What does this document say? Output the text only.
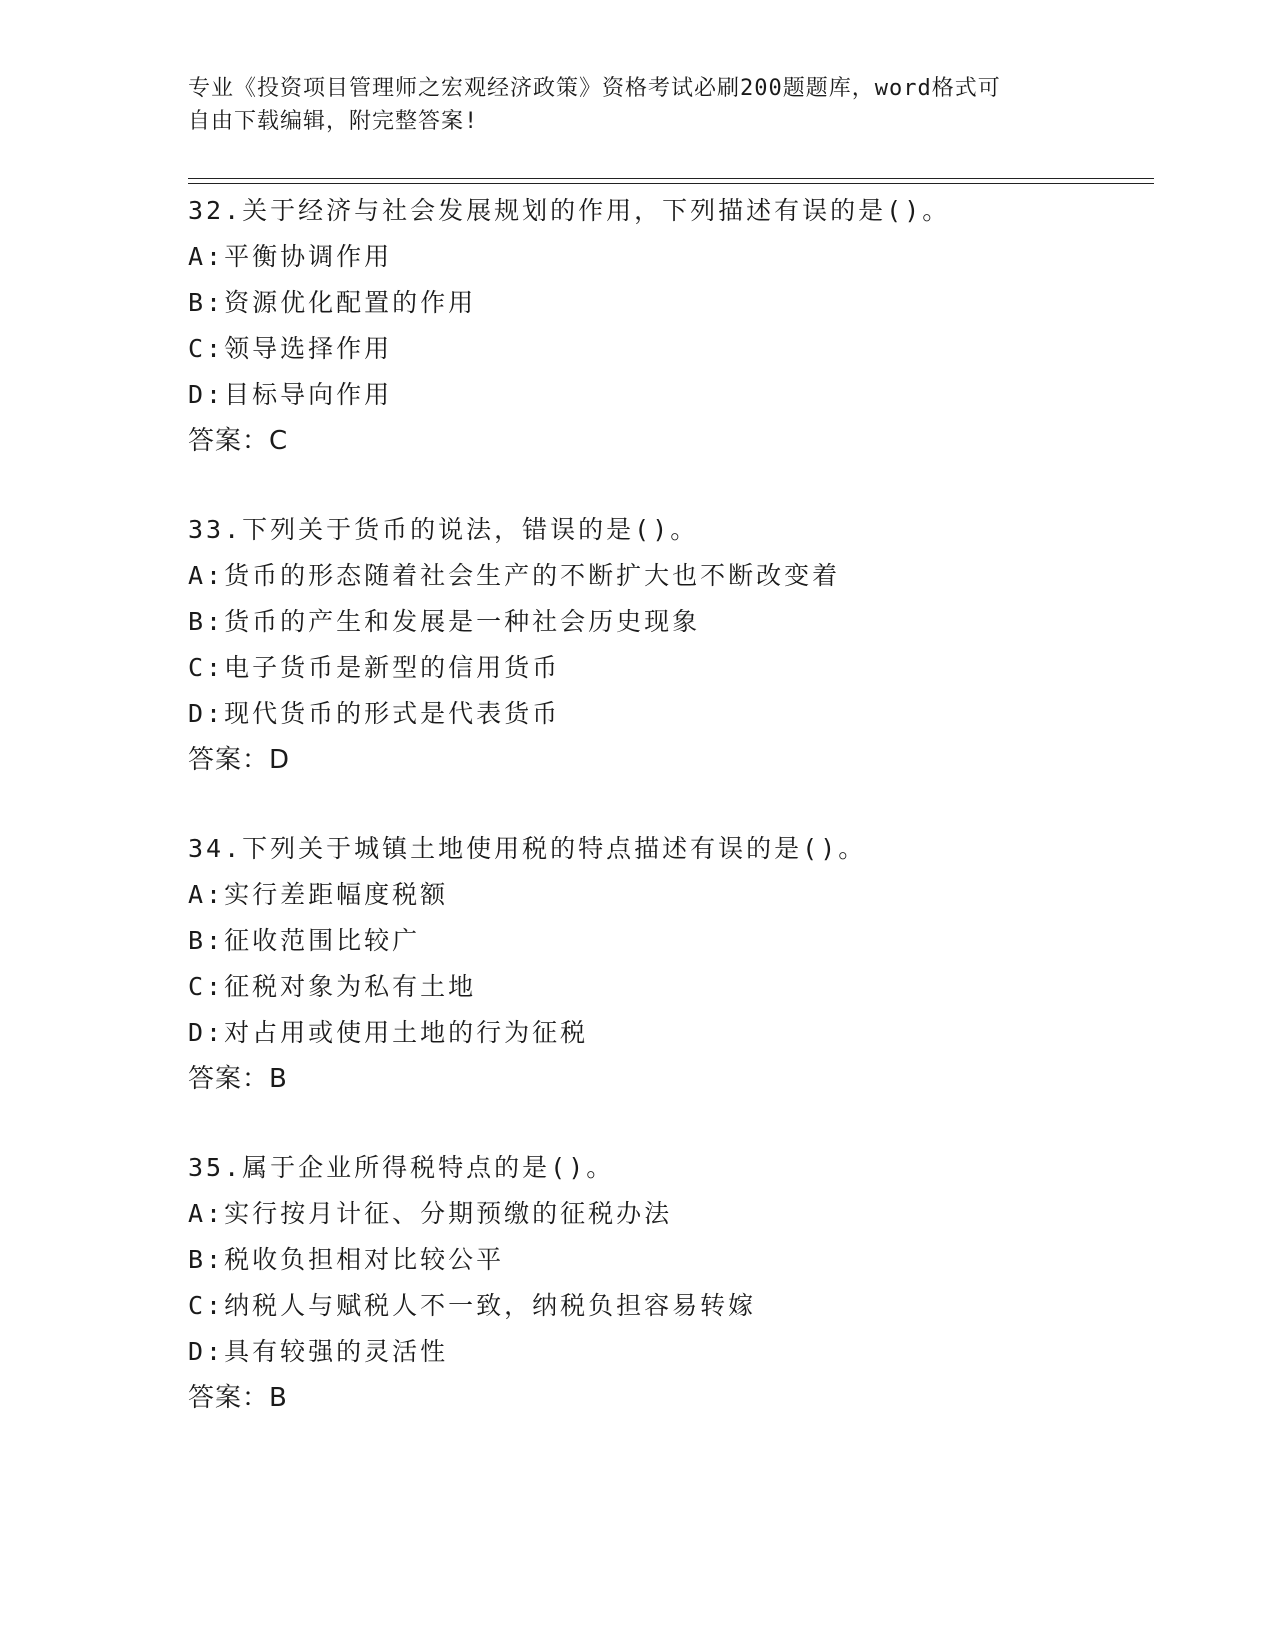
专业《投资项目管理师之宏观经济政策》资格考试必刷200题题库，word格式可
自由下载编辑，附完整答案!
32.关于经济与社会发展规划的作用，下列描述有误的是()。
A:平衡协调作用
B:资源优化配置的作用
C:领导选择作用
D:目标导向作用
答案：C
33.下列关于货币的说法，错误的是()。
A:货币的形态随着社会生产的不断扩大也不断改变着
B:货币的产生和发展是一种社会历史现象
C:电子货币是新型的信用货币
D:现代货币的形式是代表货币
答案：D
34.下列关于城镇土地使用税的特点描述有误的是()。
A:实行差距幅度税额
B:征收范围比较广
C:征税对象为私有土地
D:对占用或使用土地的行为征税
答案：B
35.属于企业所得税特点的是()。
A:实行按月计征、分期预缴的征税办法
B:税收负担相对比较公平
C:纳税人与赋税人不一致，纳税负担容易转嫁
D:具有较强的灵活性
答案：B
